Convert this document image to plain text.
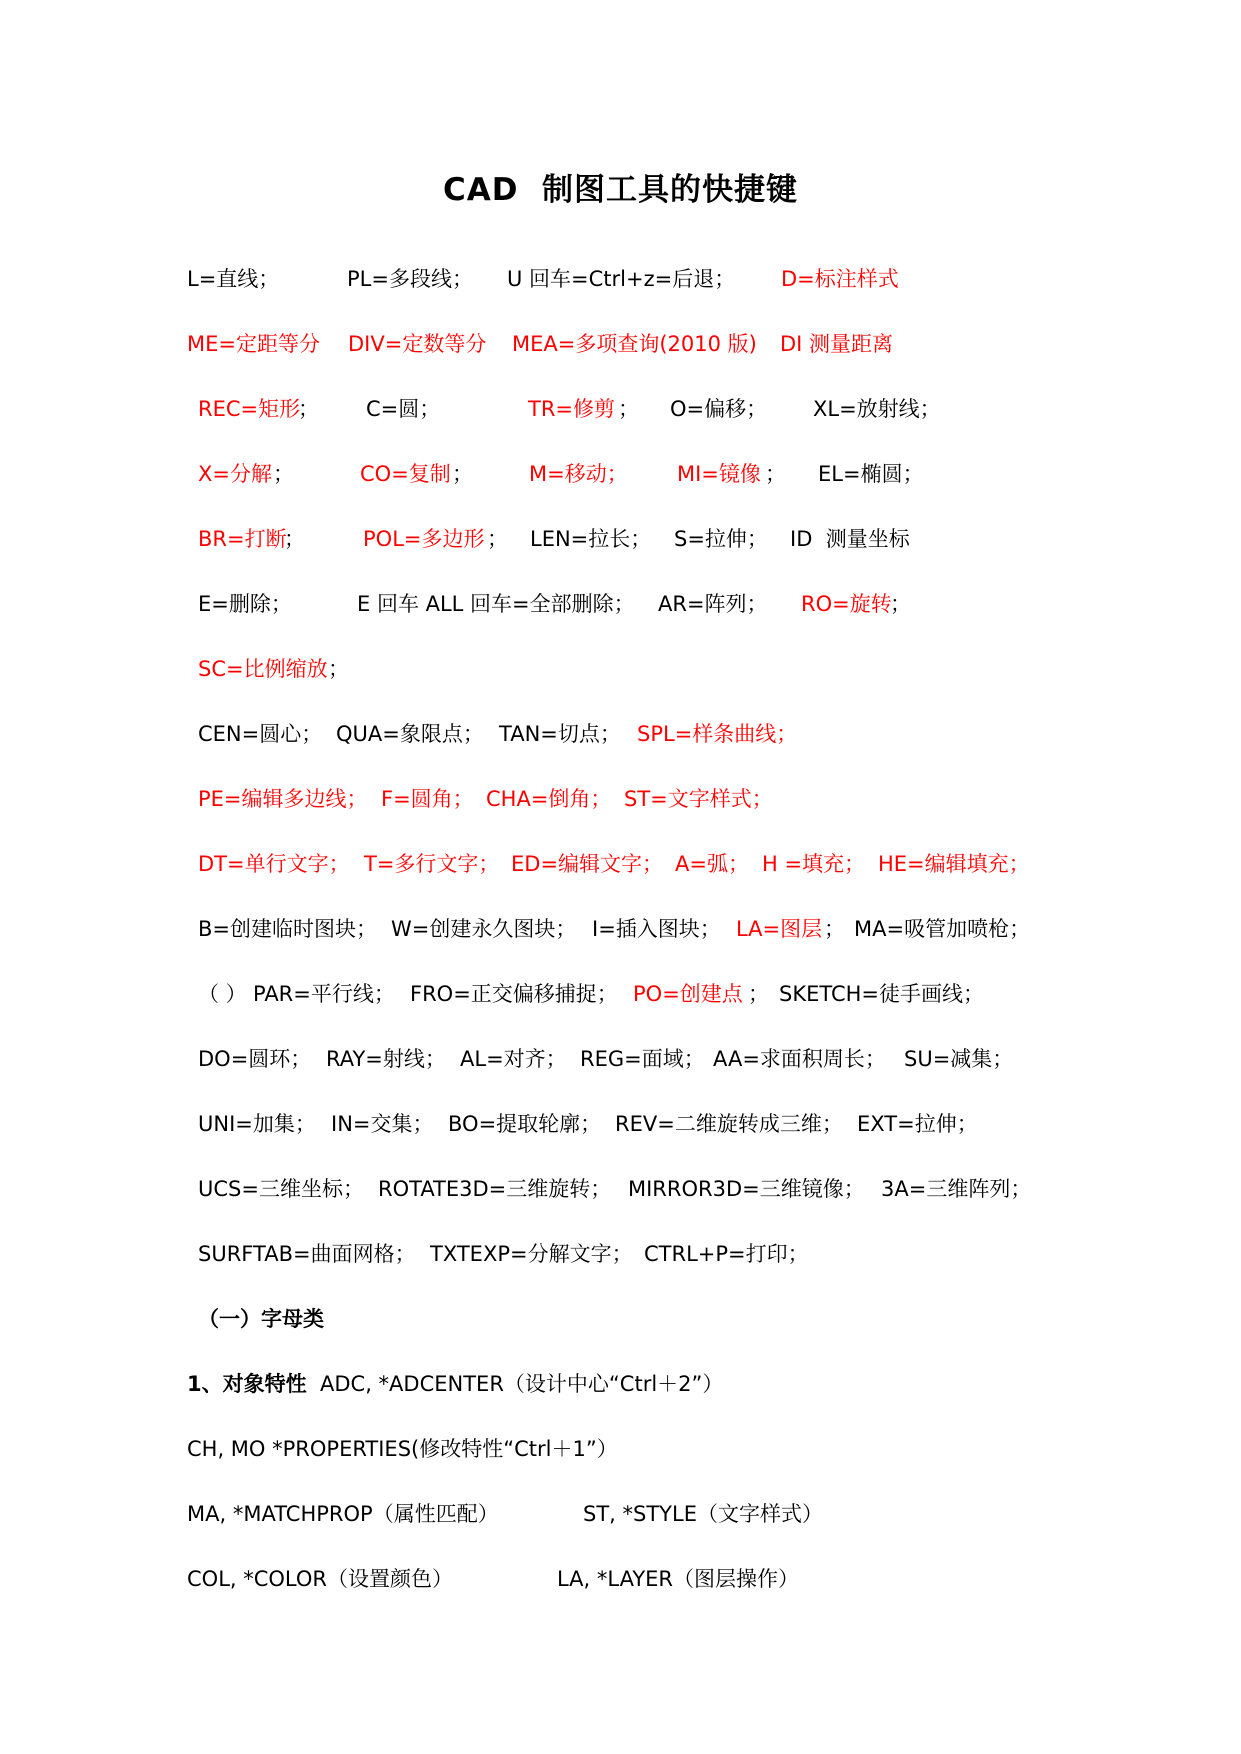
CAD  制图工具的快捷键

L=直线；

	PL=多段线；

U 回车=Ctrl+z=后退；

D=标注样式

ME=定距等分

DIV=定数等分

MEA=多项查询(2010 版)

DI 测量距离

REC=矩形

；

C=圆；

	TR=修剪

；

O=偏移；

XL=放射线；

X=分解

；

	CO=复制

；

	M=移动；

MI=镜像

；

EL=椭圆；

BR=打断

；

	POL=多边形

；

LEN=拉长；

S=拉伸；

ID  测量坐标

E=删除；

	E 回车 ALL 回车=全部删除；

AR=阵列；

RO=旋转

；

SC=比例缩放

；

CEN=圆心；

QUA=象限点；

TAN=切点；

SPL=样条曲线；

PE=编辑多边线；

F=圆角；

CHA=倒角；

ST=文字样式；

DT=单行文字；

T=多行文字；

ED=编辑文字；

A=弧；

H =填充；

HE=编辑填充；

B=创建临时图块；

W=创建永久图块；

I=插入图块；

LA=图层

；

MA=吸管加喷枪；

（ ）

PAR=平行线；

FRO=正交偏移捕捉；

PO=创建点

；

SKETCH=徒手画线；

DO=圆环；

RAY=射线；

AL=对齐；

REG=面域；

AA=求面积周长；

SU=减集；

UNI=加集；

IN=交集；

BO=提取轮廓；

REV=二维旋转成三维；

EXT=拉伸；

UCS=三维坐标；

ROTATE3D=三维旋转；

MIRROR3D=三维镜像；

3A=三维阵列；

SURFTAB=曲面网格；

TXTEXP=分解文字；

CTRL+P=打印；

（一）字母类

1、对象特性

ADC, *ADCENTER（设计中心“Ctrl＋2”）

CH, MO *PROPERTIES(修改特性“Ctrl＋1”）

MA, *MATCHPROP（属性匹配）

	ST, *STYLE（文字样式）

COL, *COLOR（设置颜色）

	LA, *LAYER（图层操作）
